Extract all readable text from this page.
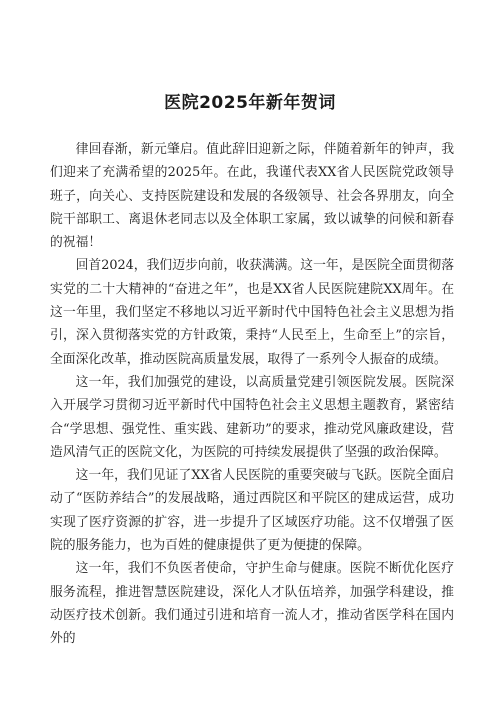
医院2025年新年贺词

律回春渐，新元肇启。值此辞旧迎新之际，伴随着新年的钟声，我们迎来了充满希望的2025年。在此，我谨代表XX省人民医院党政领导班子，向关心、支持医院建设和发展的各级领导、社会各界朋友，向全院干部职工、离退休老同志以及全体职工家属，致以诚挚的问候和新春的祝福！

回首2024，我们迈步向前，收获满满。这一年，是医院全面贯彻落实党的二十大精神的“奋进之年”，也是XX省人民医院建院XX周年。在这一年里，我们坚定不移地以习近平新时代中国特色社会主义思想为指引，深入贯彻落实党的方针政策，秉持“人民至上，生命至上”的宗旨，全面深化改革，推动医院高质量发展，取得了一系列令人振奋的成绩。

这一年，我们加强党的建设，以高质量党建引领医院发展。医院深入开展学习贯彻习近平新时代中国特色社会主义思想主题教育，紧密结合“学思想、强党性、重实践、建新功”的要求，推动党风廉政建设，营造风清气正的医院文化，为医院的可持续发展提供了坚强的政治保障。

这一年，我们见证了XX省人民医院的重要突破与飞跃。医院全面启动了“医防养结合”的发展战略，通过西院区和平院区的建成运营，成功实现了医疗资源的扩容，进一步提升了区域医疗功能。这不仅增强了医院的服务能力，也为百姓的健康提供了更为便捷的保障。

这一年，我们不负医者使命，守护生命与健康。医院不断优化医疗服务流程，推进智慧医院建设，深化人才队伍培养，加强学科建设，推动医疗技术创新。我们通过引进和培育一流人才，推动省医学科在国内外的
